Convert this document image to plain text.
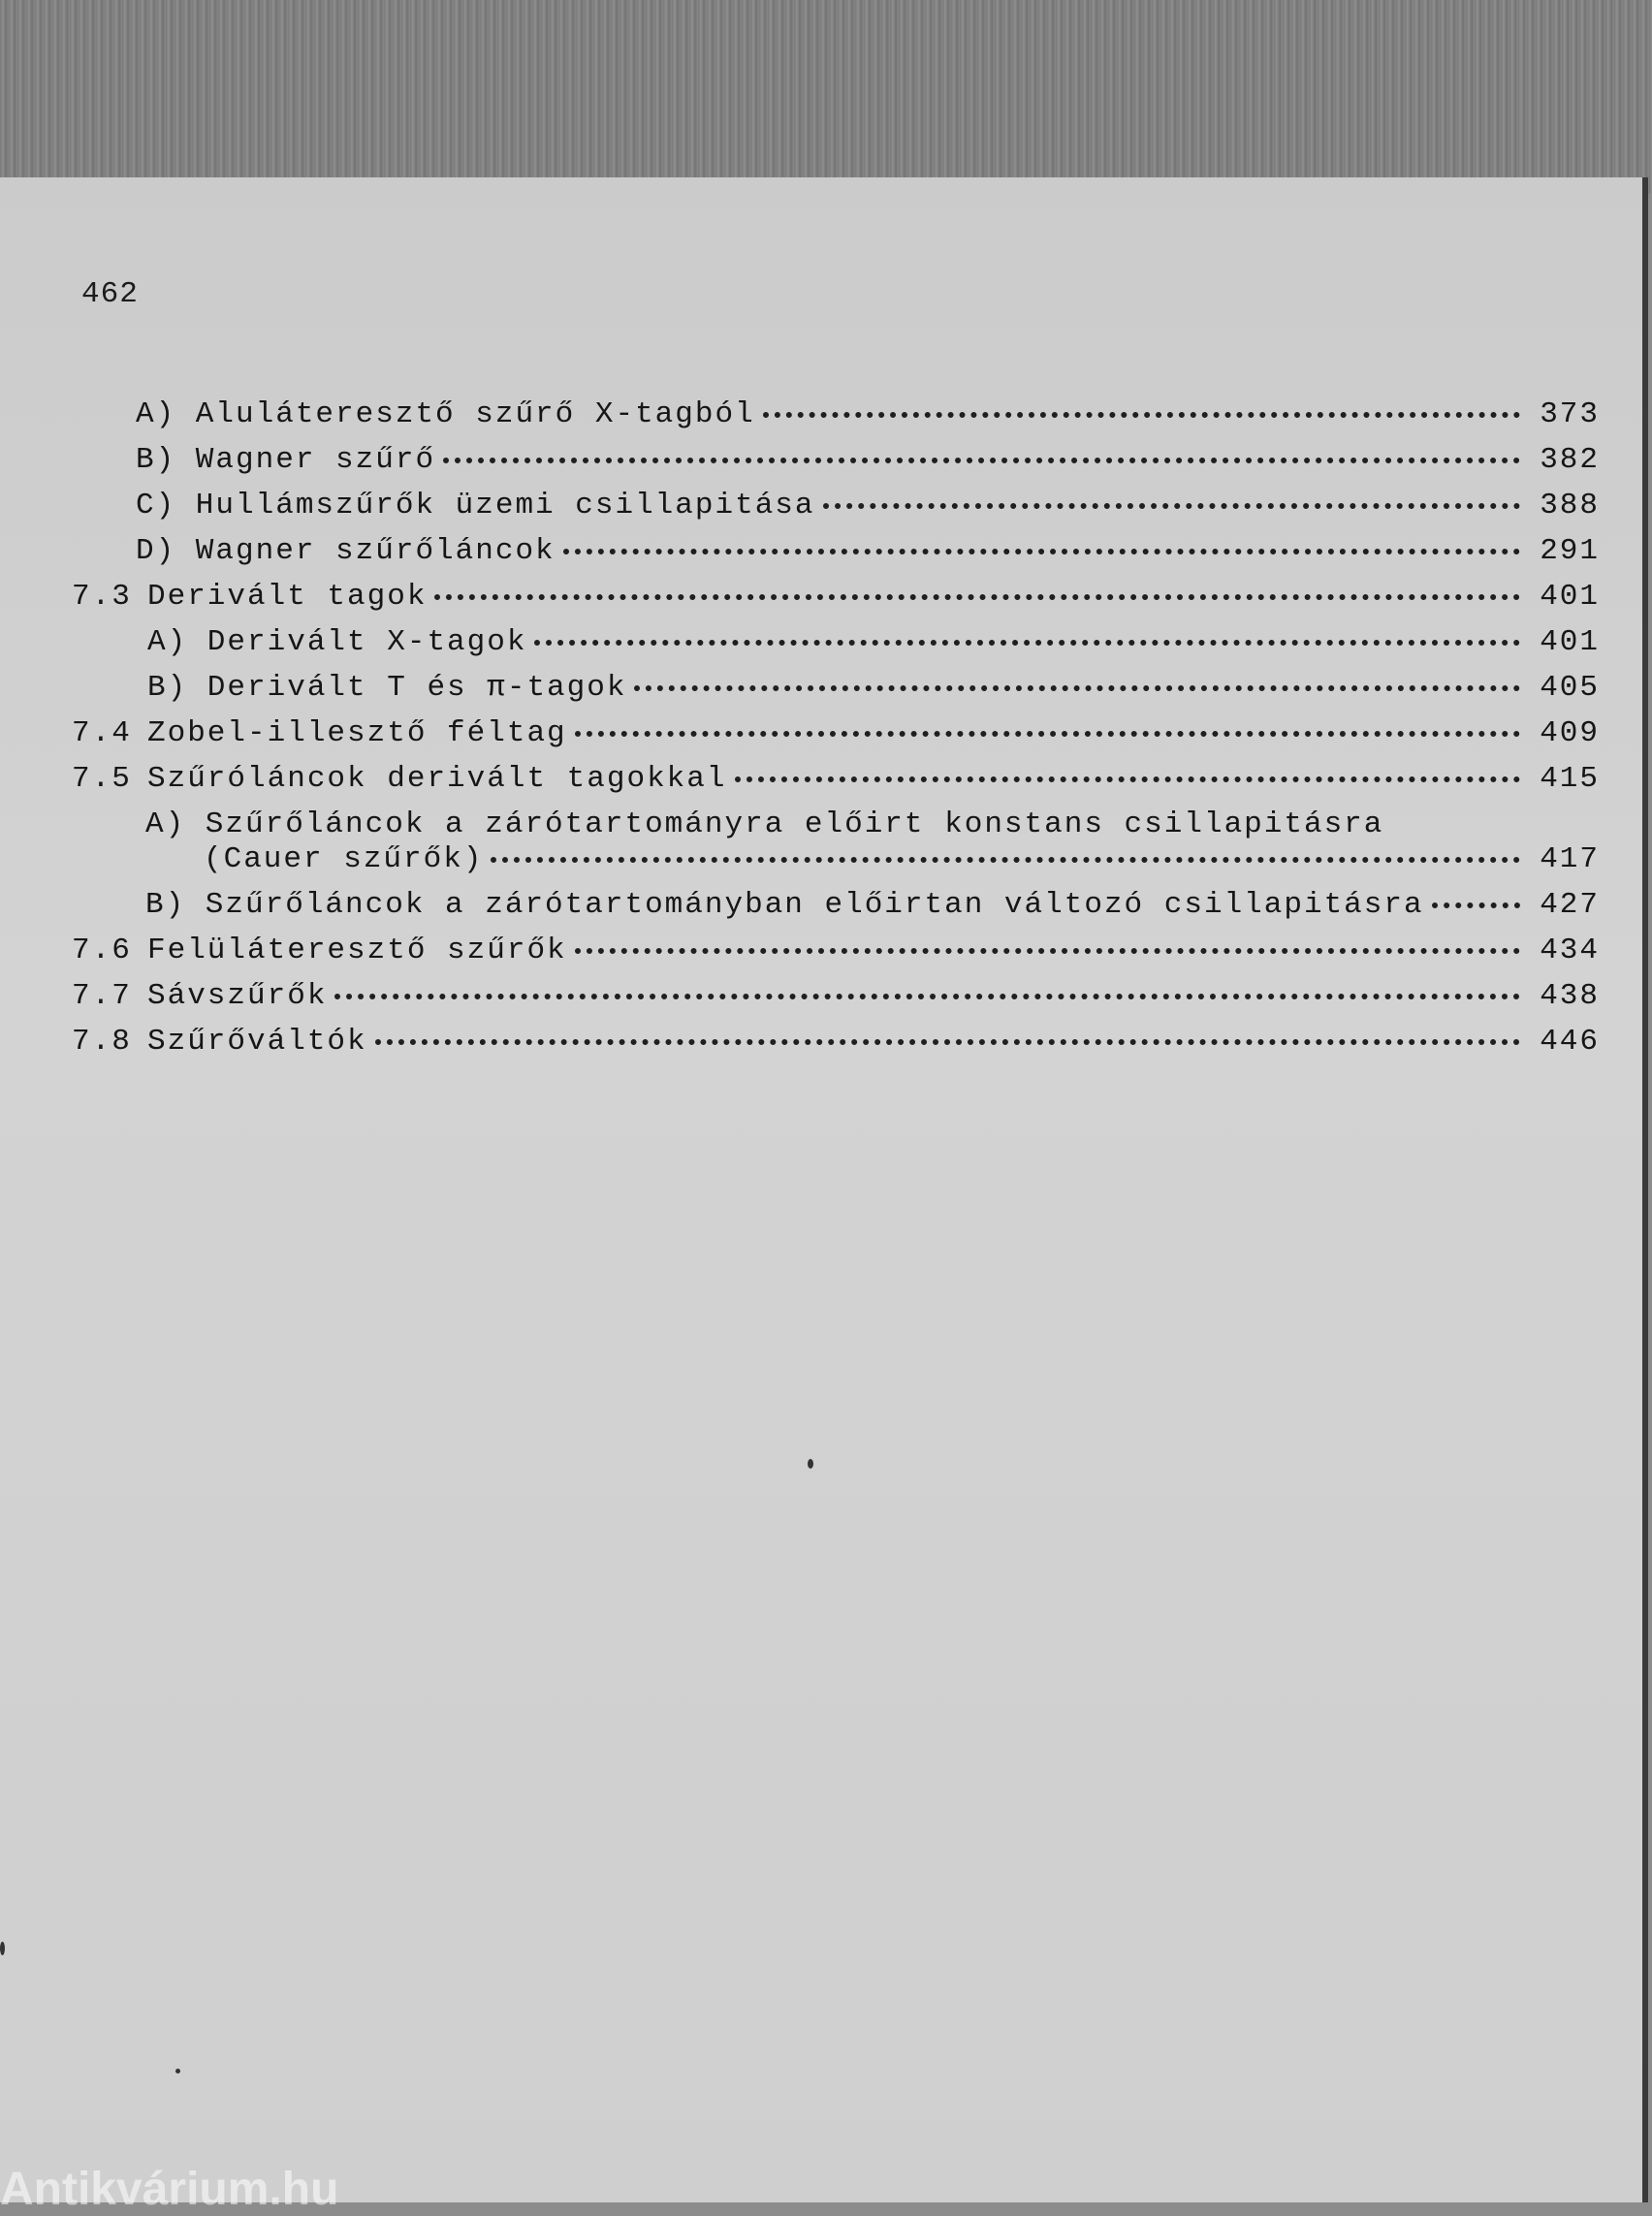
462
A) Aluláteresztő szűrő X-tagból	373
B) Wagner szűrő	382
C) Hullámszűrők üzemi csillapitása	388
D) Wagner szűrőláncok	291
7.3 Derivált tagok	401
A) Derivált X-tagok	401
B) Derivált T és π-tagok	405
7.4 Zobel-illesztő féltag	409
7.5 Szűróláncok derivált tagokkal	415
A) Szűrőláncok a zárótartományra előirt konstans csillapitásra
(Cauer szűrők)	417
B) Szűrőláncok a zárótartományban előirtan változó csillapitásra	427
7.6 Felüláteresztő szűrők	434
7.7 Sávszűrők	438
7.8 Szűrőváltók	446
Antikvárium.hu
